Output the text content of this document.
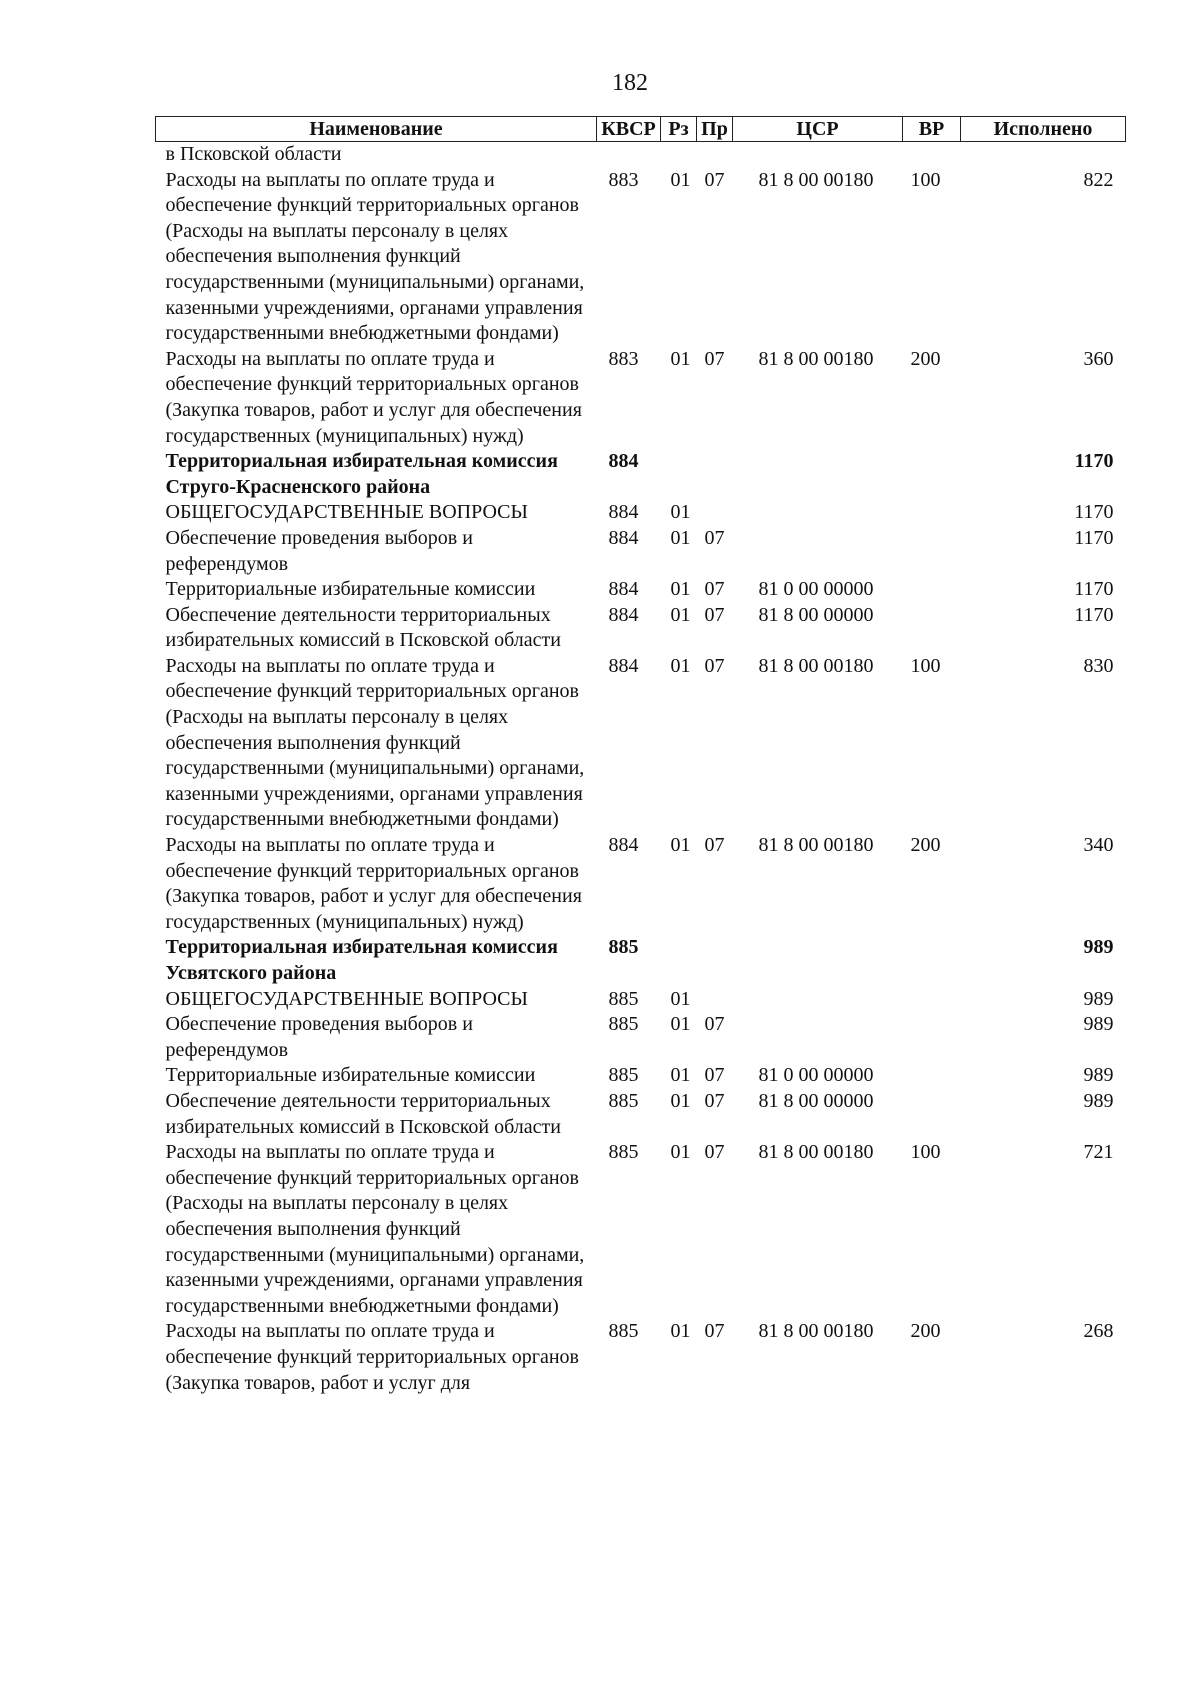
182
Наименование	КВСР	Рз	Пр	ЦСР	ВР	Исполнено
в Псковской области						
Расходы на выплаты по оплате труда и обеспечение функций территориальных органов (Расходы на выплаты персоналу в целях обеспечения выполнения функций государственными (муниципальными) органами, казенными учреждениями, органами управления государственными внебюджетными фондами)	883	01	07	81 8 00 00180	100	822
Расходы на выплаты по оплате труда и обеспечение функций территориальных органов (Закупка товаров, работ и услуг для обеспечения государственных (муниципальных) нужд)	883	01	07	81 8 00 00180	200	360
Территориальная избирательная комиссия Струго-Красненского района	884					1170
ОБЩЕГОСУДАРСТВЕННЫЕ ВОПРОСЫ	884	01				1170
Обеспечение проведения выборов и референдумов	884	01	07			1170
Территориальные избирательные комиссии	884	01	07	81 0 00 00000		1170
Обеспечение деятельности территориальных избирательных комиссий в Псковской области	884	01	07	81 8 00 00000		1170
Расходы на выплаты по оплате труда и обеспечение функций территориальных органов (Расходы на выплаты персоналу в целях обеспечения выполнения функций государственными (муниципальными) органами, казенными учреждениями, органами управления государственными внебюджетными фондами)	884	01	07	81 8 00 00180	100	830
Расходы на выплаты по оплате труда и обеспечение функций территориальных органов (Закупка товаров, работ и услуг для обеспечения государственных (муниципальных) нужд)	884	01	07	81 8 00 00180	200	340
Территориальная избирательная комиссия Усвятского района	885					989
ОБЩЕГОСУДАРСТВЕННЫЕ ВОПРОСЫ	885	01				989
Обеспечение проведения выборов и референдумов	885	01	07			989
Территориальные избирательные комиссии	885	01	07	81 0 00 00000		989
Обеспечение деятельности территориальных избирательных комиссий в Псковской области	885	01	07	81 8 00 00000		989
Расходы на выплаты по оплате труда и обеспечение функций территориальных органов (Расходы на выплаты персоналу в целях обеспечения выполнения функций государственными (муниципальными) органами, казенными учреждениями, органами управления государственными внебюджетными фондами)	885	01	07	81 8 00 00180	100	721
Расходы на выплаты по оплате труда и обеспечение функций территориальных органов (Закупка товаров, работ и услуг для	885	01	07	81 8 00 00180	200	268
